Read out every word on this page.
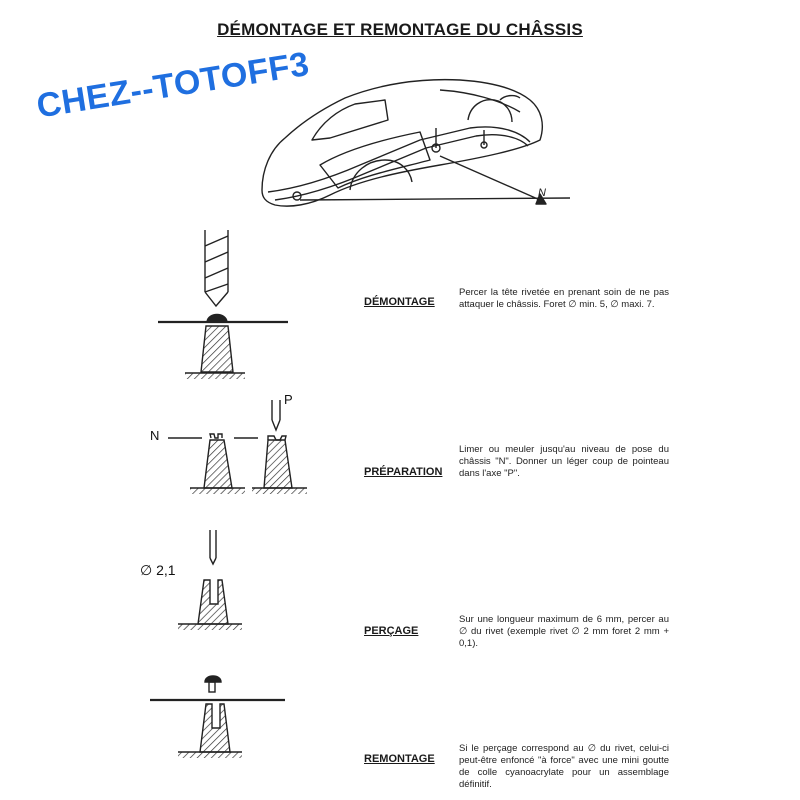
DÉMONTAGE ET REMONTAGE DU CHÂSSIS
N
N
P
∅ 2,1
CHEZ--TOTOFF3
DÉMONTAGE
Percer la tête rivetée en prenant soin de ne pas attaquer le châssis. Foret ∅ min. 5, ∅ maxi. 7.
PRÉPARATION
Limer ou meuler jusqu'au niveau de pose du châssis "N". Donner un léger coup de pointeau dans l'axe "P".
PERÇAGE
Sur une longueur maximum de 6 mm, percer au ∅ du rivet (exemple rivet ∅ 2 mm foret 2 mm + 0,1).
REMONTAGE
Si le perçage correspond au ∅ du rivet, celui-ci peut-être enfoncé "à force" avec une mini goutte de colle cyanoacrylate pour un assemblage définitif.
